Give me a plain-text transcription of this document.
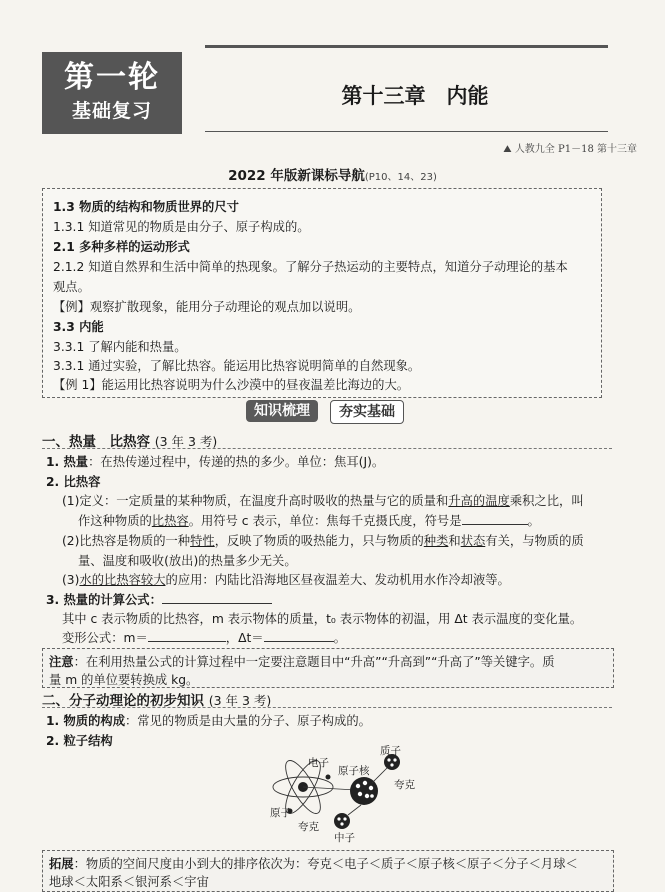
第一轮
基础复习
第十三章　内能
⛰ 人教九全 P1－18 第十三章
2022 年版新课标导航(P10、14、23)
1.3 物质的结构和物质世界的尺寸
1.3.1 知道常见的物质是由分子、原子构成的。
2.1 多种多样的运动形式
2.1.2 知道自然界和生活中简单的热现象。了解分子热运动的主要特点，知道分子动理论的基本
观点。
【例】观察扩散现象，能用分子动理论的观点加以说明。
3.3 内能
3.3.1 了解内能和热量。
3.3.1 通过实验，了解比热容。能运用比热容说明简单的自然现象。
【例 1】能运用比热容说明为什么沙漠中的昼夜温差比海边的大。
知识梳理	夯实基础
一、热量　比热容 (3 年 3 考)
1. 热量：在热传递过程中，传递的热的多少。单位：焦耳(J)。
2. 比热容
(1)定义：一定质量的某种物质，在温度升高时吸收的热量与它的质量和升高的温度乘积之比，叫
作这种物质的比热容。用符号 c 表示，单位：焦每千克摄氏度，符号是	。
(2)比热容是物质的一种特性，反映了物质的吸热能力，只与物质的种类和状态有关，与物质的质
量、温度和吸收(放出)的热量多少无关。
(3)水的比热容较大的应用：内陆比沿海地区昼夜温差大、发动机用水作冷却液等。
3. 热量的计算公式：
其中 c 表示物质的比热容，m 表示物体的质量，t₀ 表示物体的初温，用 Δt 表示温度的变化量。
变形公式：m＝	，Δt＝	。
注意：在利用热量公式的计算过程中一定要注意题目中“升高”“升高到”“升高了”等关键字。质
量 m 的单位要转换成 kg。
二、分子动理论的初步知识 (3 年 3 考)
1. 物质的构成：常见的物质是由大量的分子、原子构成的。
2. 粒子结构
电子
质子
原子核
夸克
原子
夸克
中子
拓展：物质的空间尺度由小到大的排序依次为：夸克＜电子＜质子＜原子核＜原子＜分子＜月球＜
地球＜太阳系＜银河系＜宇宙
